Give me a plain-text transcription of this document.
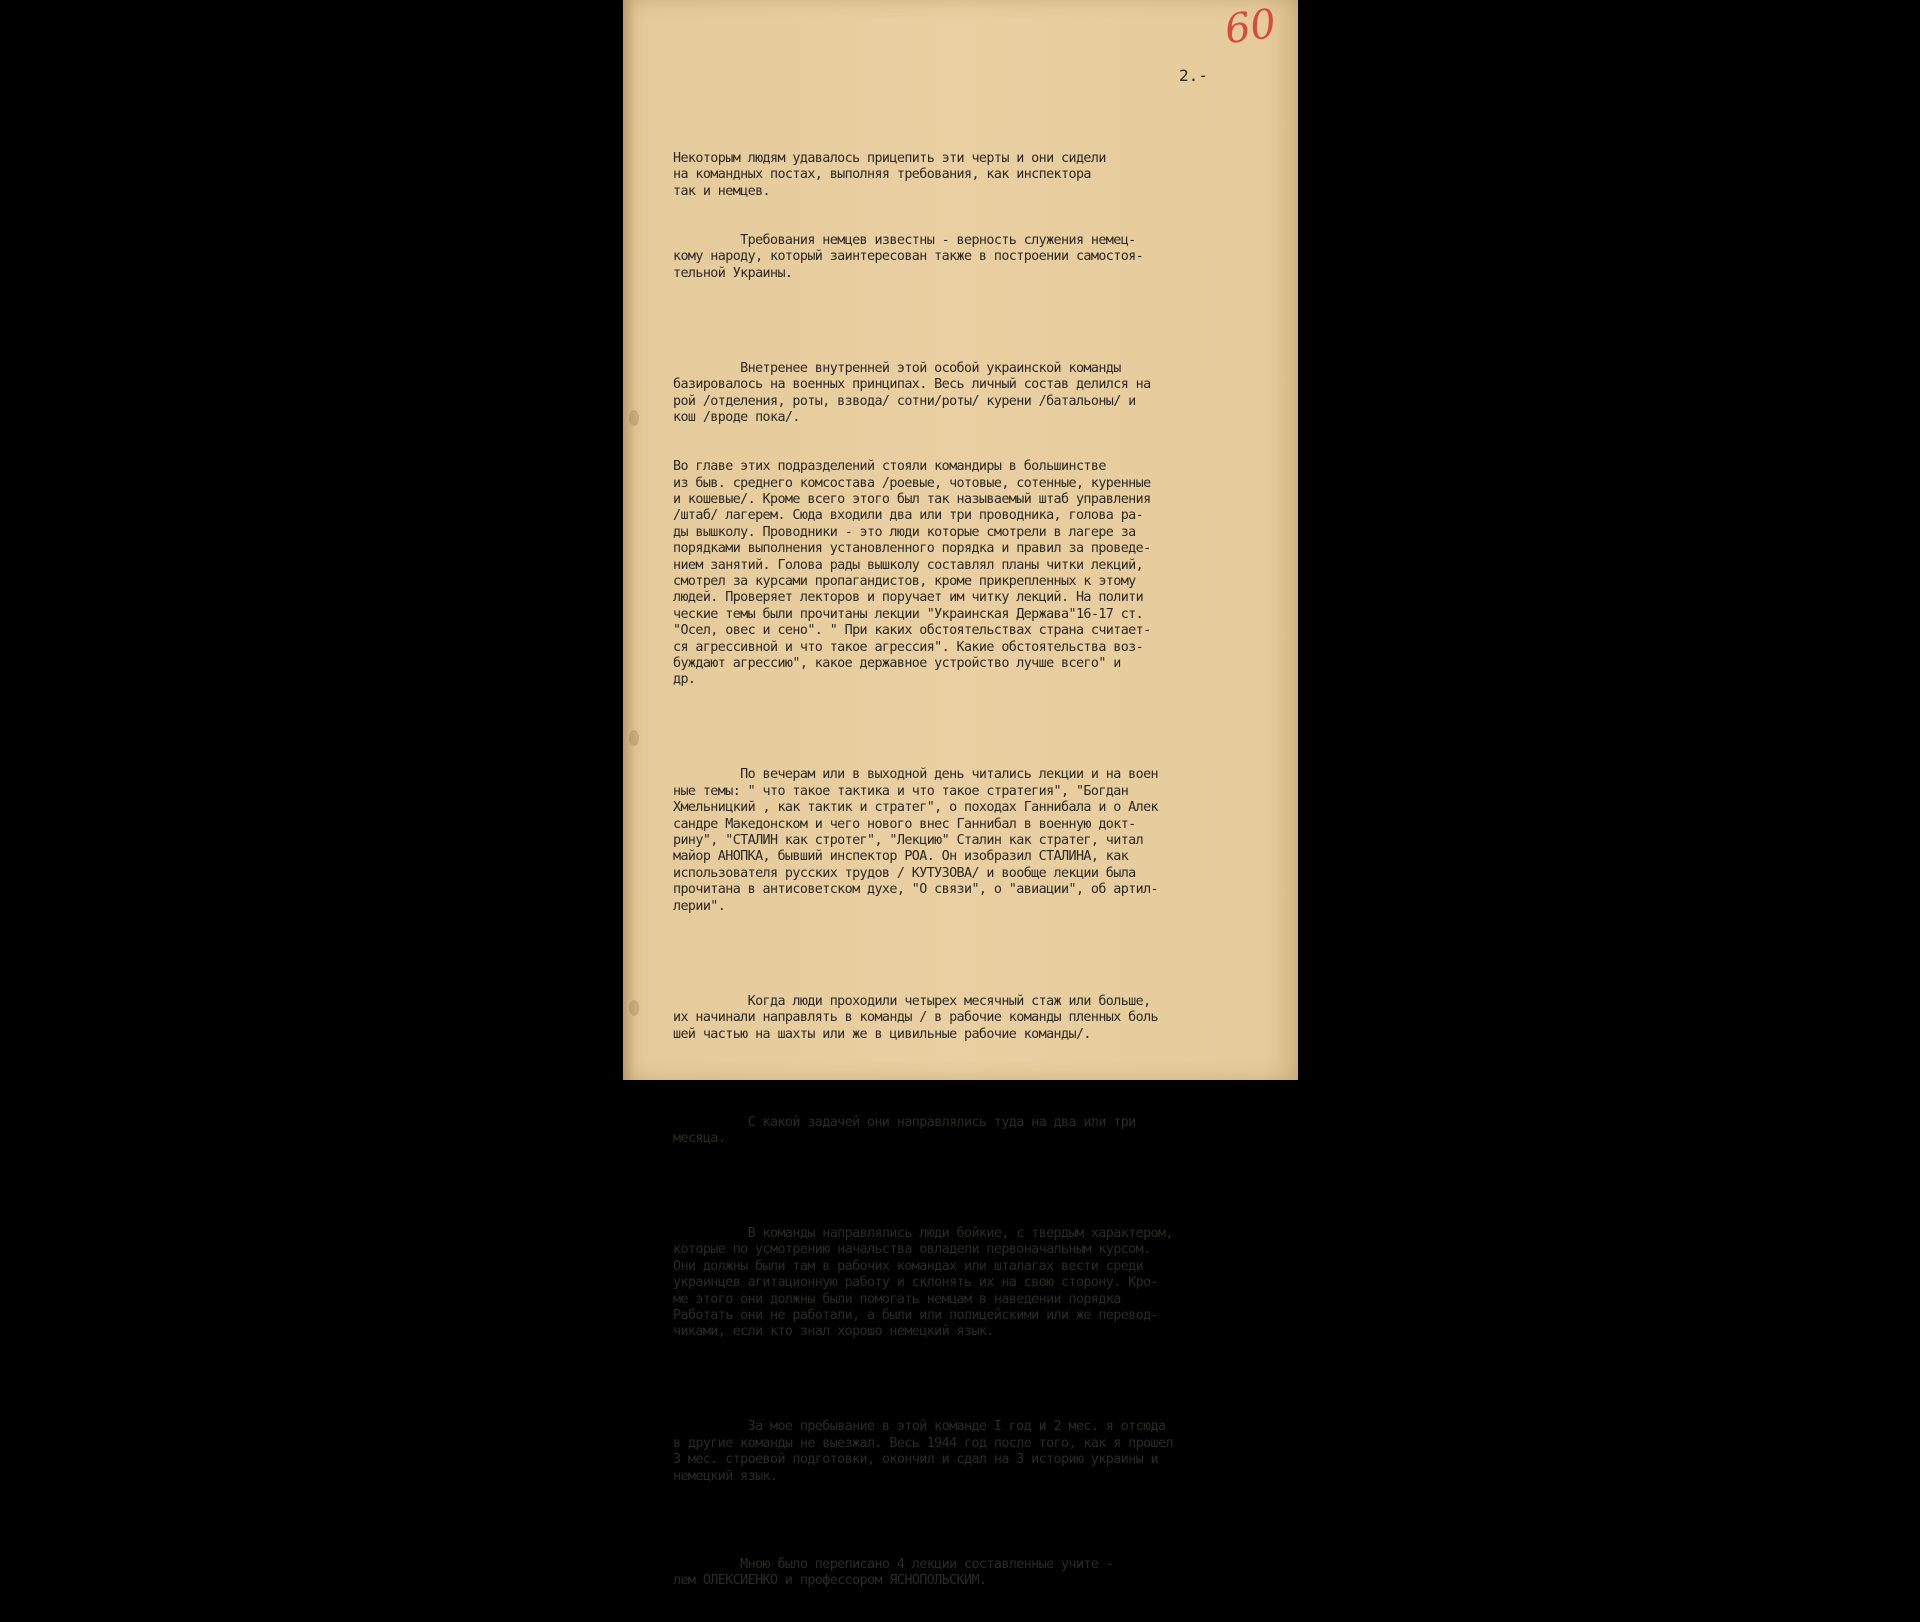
60
2.-

Некоторым людям удавалось прицепить эти черты и они сидели
на командных постах, выполняя требования, как инспектора
так и немцев.

Требования немцев известны - верность служения немец-
кому народу, который заинтересован также в построении самостоя-
тельной Украины.

Внетренее внутренней этой особой украинской команды
базировалось на военных принципах. Весь личный состав делился на
рой /отделения, роты, взвода/ сотни/роты/ курени /батальоны/ и
кош /вроде пока/.

Во главе этих подразделений стояли командиры в большинстве
из быв. среднего комсостава /роевые, чотовые, сотенные, куренные
и кошевые/. Кроме всего этого был так называемый штаб управления
/штаб/ лагерем. Сюда входили два или три проводника, голова ра-
ды вышколу. Проводники - это люди которые смотрели в лагере за
порядками выполнения установленного порядка и правил за проведе-
нием занятий. Голова рады вышколу составлял планы читки лекций,
смотрел за курсами пропагандистов, кроме прикрепленных к этому
людей. Проверяет лекторов и поручает им читку лекций. На полити
ческие темы были прочитаны лекции "Украинская Державa"16-17 ст.
"Осел, овес и сено". " При каких обстоятельствах страна считает-
ся агрессивной и что такое агрессия". Какие обстоятельства воз-
буждают агрессию", какое державное устройство лучше всего" и
др.

По вечерам или в выходной день читались лекции и на воен
ные темы: " что такое тактика и что такое стратегия", "Богдан
Хмельницкий , как тактик и стратег", о походах Ганнибала и о Алек
сандре Македонском и чего нового внес Ганнибал в военную докт-
рину", "СТАЛИН как стротег", "Лекцию" Сталин как стратег, читал
майор АНОПКА, бывший инспектор РОА. Он изобразил СТАЛИНА, как
использователя русских трудов / КУТУЗОВА/ и вообще лекции была
прочитана в антисоветском духе, "О связи", о "авиации", об артил-
лерии".

Когда люди проходили четырех месячный стаж или больше,
их начинали направлять в команды / в рабочие команды пленных боль
шей частью на шахты или же в цивильные рабочие команды/.

С какой задачей они направлялись туда на два или три
месяца.

В команды направлялись люди бойкие, с твердым характером,
которые по усмотрению начальства овладели первоначальным курсом.
Они должны были там в рабочих командах или шталагах вести среди
украинцев агитационную работу и склонять их на свою сторону. Кро-
ме этого они должны были помогать немцам в наведении порядка
Работать они не работали, а были или полицейскими или же перевод-
чиками, если кто знал хорошо немецкий язык.

За мое пребывание в этой команде I год и 2 мес. я отсюда
в другие команды не выезжал. Весь 1944 год после того, как я прошел
3 мес. строевой подготовки, окончил и сдал на 3 историю украины и
немецкий язык.

Мною было переписано 4 лекции составленные учите -
лем ОЛЕКСИЕНКО и профессором ЯСНОПОЛЬСКИМ.
